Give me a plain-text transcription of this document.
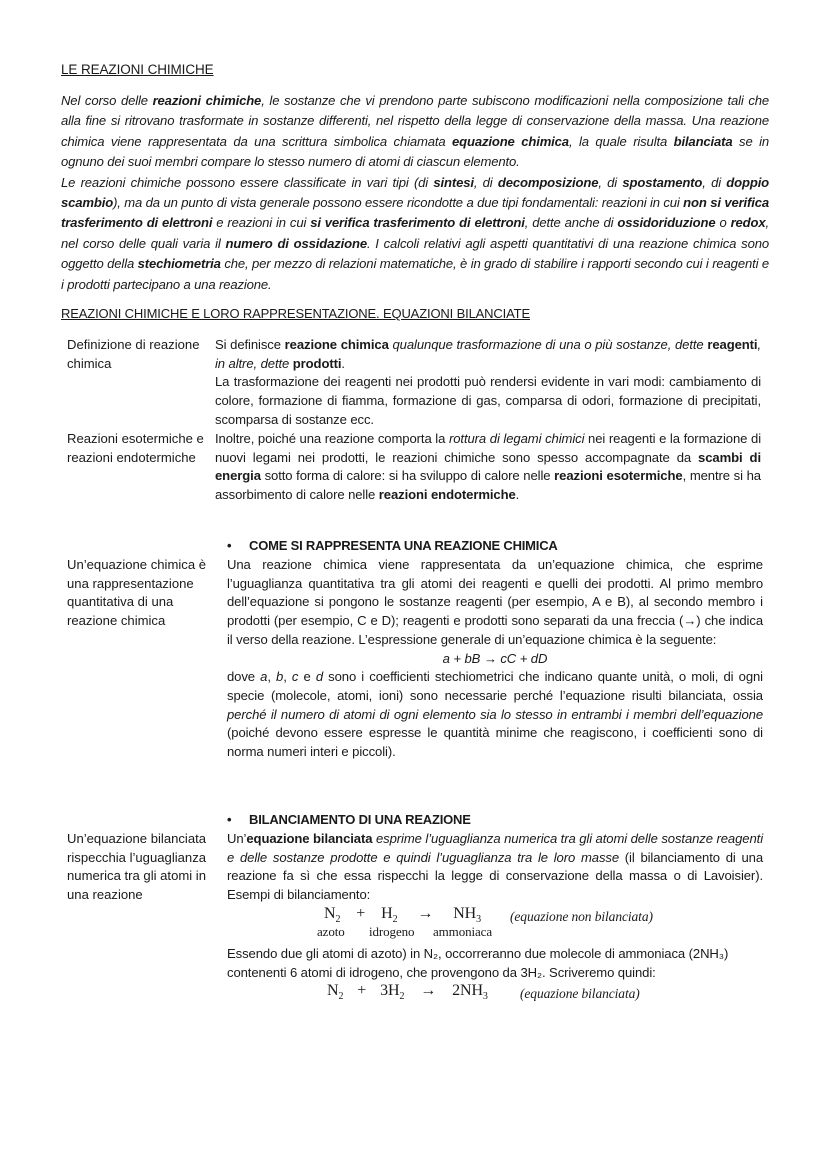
LE REAZIONI CHIMICHE

Nel corso delle reazioni chimiche, le sostanze che vi prendono parte subiscono modificazioni nella composizione tali che alla fine si ritrovano trasformate in sostanze differenti, nel rispetto della legge di conservazione della massa. Una reazione chimica viene rappresentata da una scrittura simbolica chiamata equazione chimica, la quale risulta bilanciata se in ognuno dei suoi membri compare lo stesso numero di atomi di ciascun elemento.

Le reazioni chimiche possono essere classificate in vari tipi (di sintesi, di decomposizione, di spostamento, di doppio scambio), ma da un punto di vista generale possono essere ricondotte a due tipi fondamentali: reazioni in cui non si verifica trasferimento di elettroni e reazioni in cui si verifica trasferimento di elettroni, dette anche di ossidoriduzione o redox, nel corso delle quali varia il numero di ossidazione. I calcoli relativi agli aspetti quantitativi di una reazione chimica sono oggetto della stechiometria che, per mezzo di relazioni matematiche, è in grado di stabilire i rapporti secondo cui i reagenti e i prodotti partecipano a una reazione.

REAZIONI CHIMICHE E LORO RAPPRESENTAZIONE. EQUAZIONI BILANCIATE
Definizione di reazione chimica

Si definisce reazione chimica qualunque trasformazione di una o più sostanze, dette reagenti, in altre, dette prodotti.

La trasformazione dei reagenti nei prodotti può rendersi evidente in vari modi: cambiamento di colore, formazione di fiamma, formazione di gas, comparsa di odori, formazione di precipitati, scomparsa di sostanze ecc.

Reazioni esotermiche e reazioni endotermiche

Inoltre, poiché una reazione comporta la rottura di legami chimici nei reagenti e la formazione di nuovi legami nei prodotti, le reazioni chimiche sono spesso accompagnate da scambi di energia sotto forma di calore: si ha sviluppo di calore nelle reazioni esotermiche, mentre si ha assorbimento di calore nelle reazioni endotermiche.

• COME SI RAPPRESENTA UNA REAZIONE CHIMICA
Un’equazione chimica è una rappresentazione quantitativa di una reazione chimica

Una reazione chimica viene rappresentata da un’equazione chimica, che esprime l’uguaglianza quantitativa tra gli atomi dei reagenti e quelli dei prodotti. Al primo membro dell’equazione si pongono le sostanze reagenti (per esempio, A e B), al secondo membro i prodotti (per esempio, C e D); reagenti e prodotti sono separati da una freccia (→) che indica il verso della reazione. L’espressione generale di un’equazione chimica è la seguente:

a + bB → cC + dD

dove a, b, c e d sono i coefficienti stechiometrici che indicano quante unità, o moli, di ogni specie (molecole, atomi, ioni) sono necessarie perché l’equazione risulti bilanciata, ossia perché il numero di atomi di ogni elemento sia lo stesso in entrambi i membri dell’equazione (poiché devono essere espresse le quantità minime che reagiscono, i coefficienti sono di norma numeri interi e piccoli).

• BILANCIAMENTO DI UNA REAZIONE
Un’equazione bilanciata rispecchia l’uguaglianza numerica tra gli atomi in una reazione

Un’equazione bilanciata esprime l’uguaglianza numerica tra gli atomi delle sostanze reagenti e delle sostanze prodotte e quindi l’uguaglianza tra le loro masse (il bilanciamento di una reazione fa sì che essa rispecchi la legge di conservazione della massa o di Lavoisier). Esempi di bilanciamento:

$N_2 + H_2 \to NH_3$ (equazione non bilanciata)
azoto idrogeno ammoniaca

Essendo due gli atomi di azoto) in N₂, occorreranno due molecole di ammoniaca (2NH₃) contenenti 6 atomi di idrogeno, che provengono da 3H₂. Scriveremo quindi:

$N_2 + 3H_2 \to 2NH_3$ (equazione bilanciata)
